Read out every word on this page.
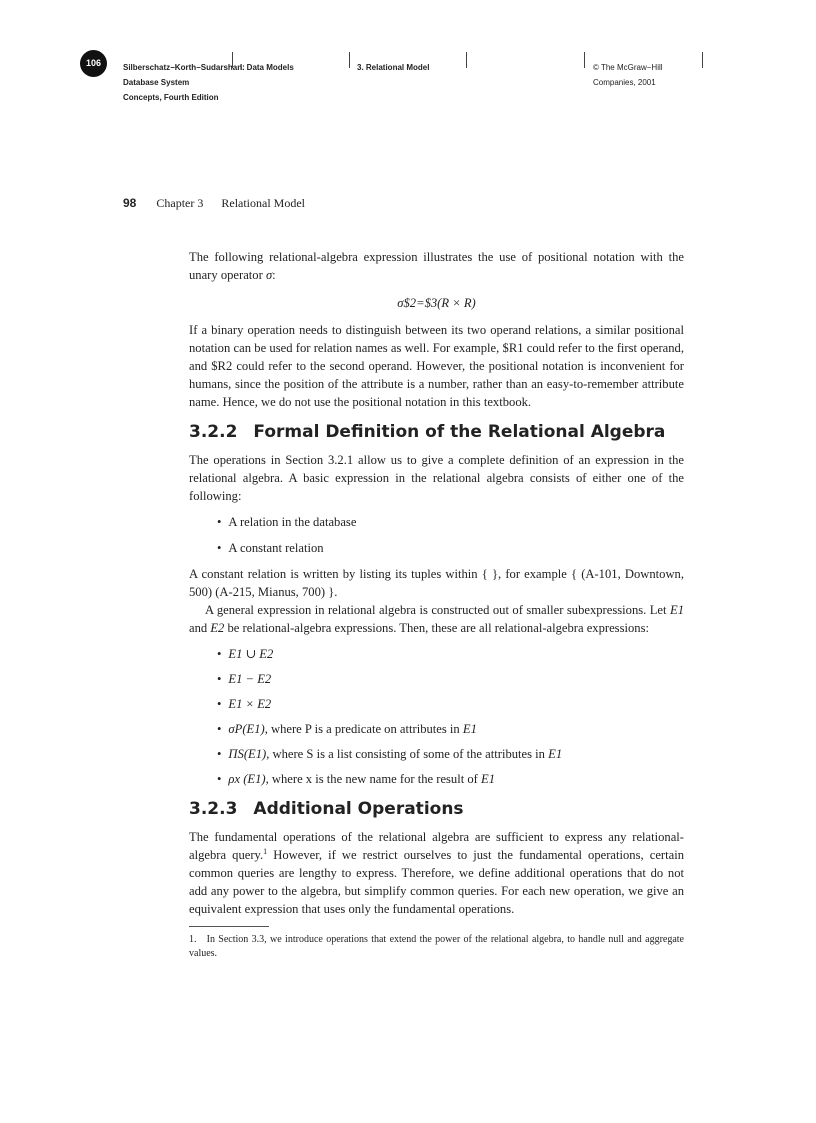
106	Silberschatz−Korth−Sudarshan:
Database System
Concepts, Fourth Edition
I. Data Models	3. Relational Model	© The McGraw−Hill
Companies, 2001
98 Chapter 3 Relational Model

The following relational-algebra expression illustrates the use of positional notation with the unary operator σ:

σ$2=$3(R × R)

If a binary operation needs to distinguish between its two operand relations, a similar positional notation can be used for relation names as well. For example, $R1 could refer to the first operand, and $R2 could refer to the second operand. However, the positional notation is inconvenient for humans, since the position of the attribute is a number, rather than an easy-to-remember attribute name. Hence, we do not use the positional notation in this textbook.

3.2.2 Formal Definition of the Relational Algebra

The operations in Section 3.2.1 allow us to give a complete definition of an expression in the relational algebra. A basic expression in the relational algebra consists of either one of the following:

• A relation in the database
• A constant relation

A constant relation is written by listing its tuples within { }, for example { (A-101, Downtown, 500) (A-215, Mianus, 700) }.

A general expression in relational algebra is constructed out of smaller subexpressions. Let E1 and E2 be relational-algebra expressions. Then, these are all relational-algebra expressions:

• E1 ∪ E2
• E1 − E2
• E1 × E2
• σP(E1), where P is a predicate on attributes in E1
• ΠS(E1), where S is a list consisting of some of the attributes in E1
• ρx (E1), where x is the new name for the result of E1
3.2.3 Additional Operations

The fundamental operations of the relational algebra are sufficient to express any relational-algebra query.$^1$ However, if we restrict ourselves to just the fundamental operations, certain common queries are lengthy to express. Therefore, we define additional operations that do not add any power to the algebra, but simplify common queries. For each new operation, we give an equivalent expression that uses only the fundamental operations.

1. In Section 3.3, we introduce operations that extend the power of the relational algebra, to handle null and aggregate values.
